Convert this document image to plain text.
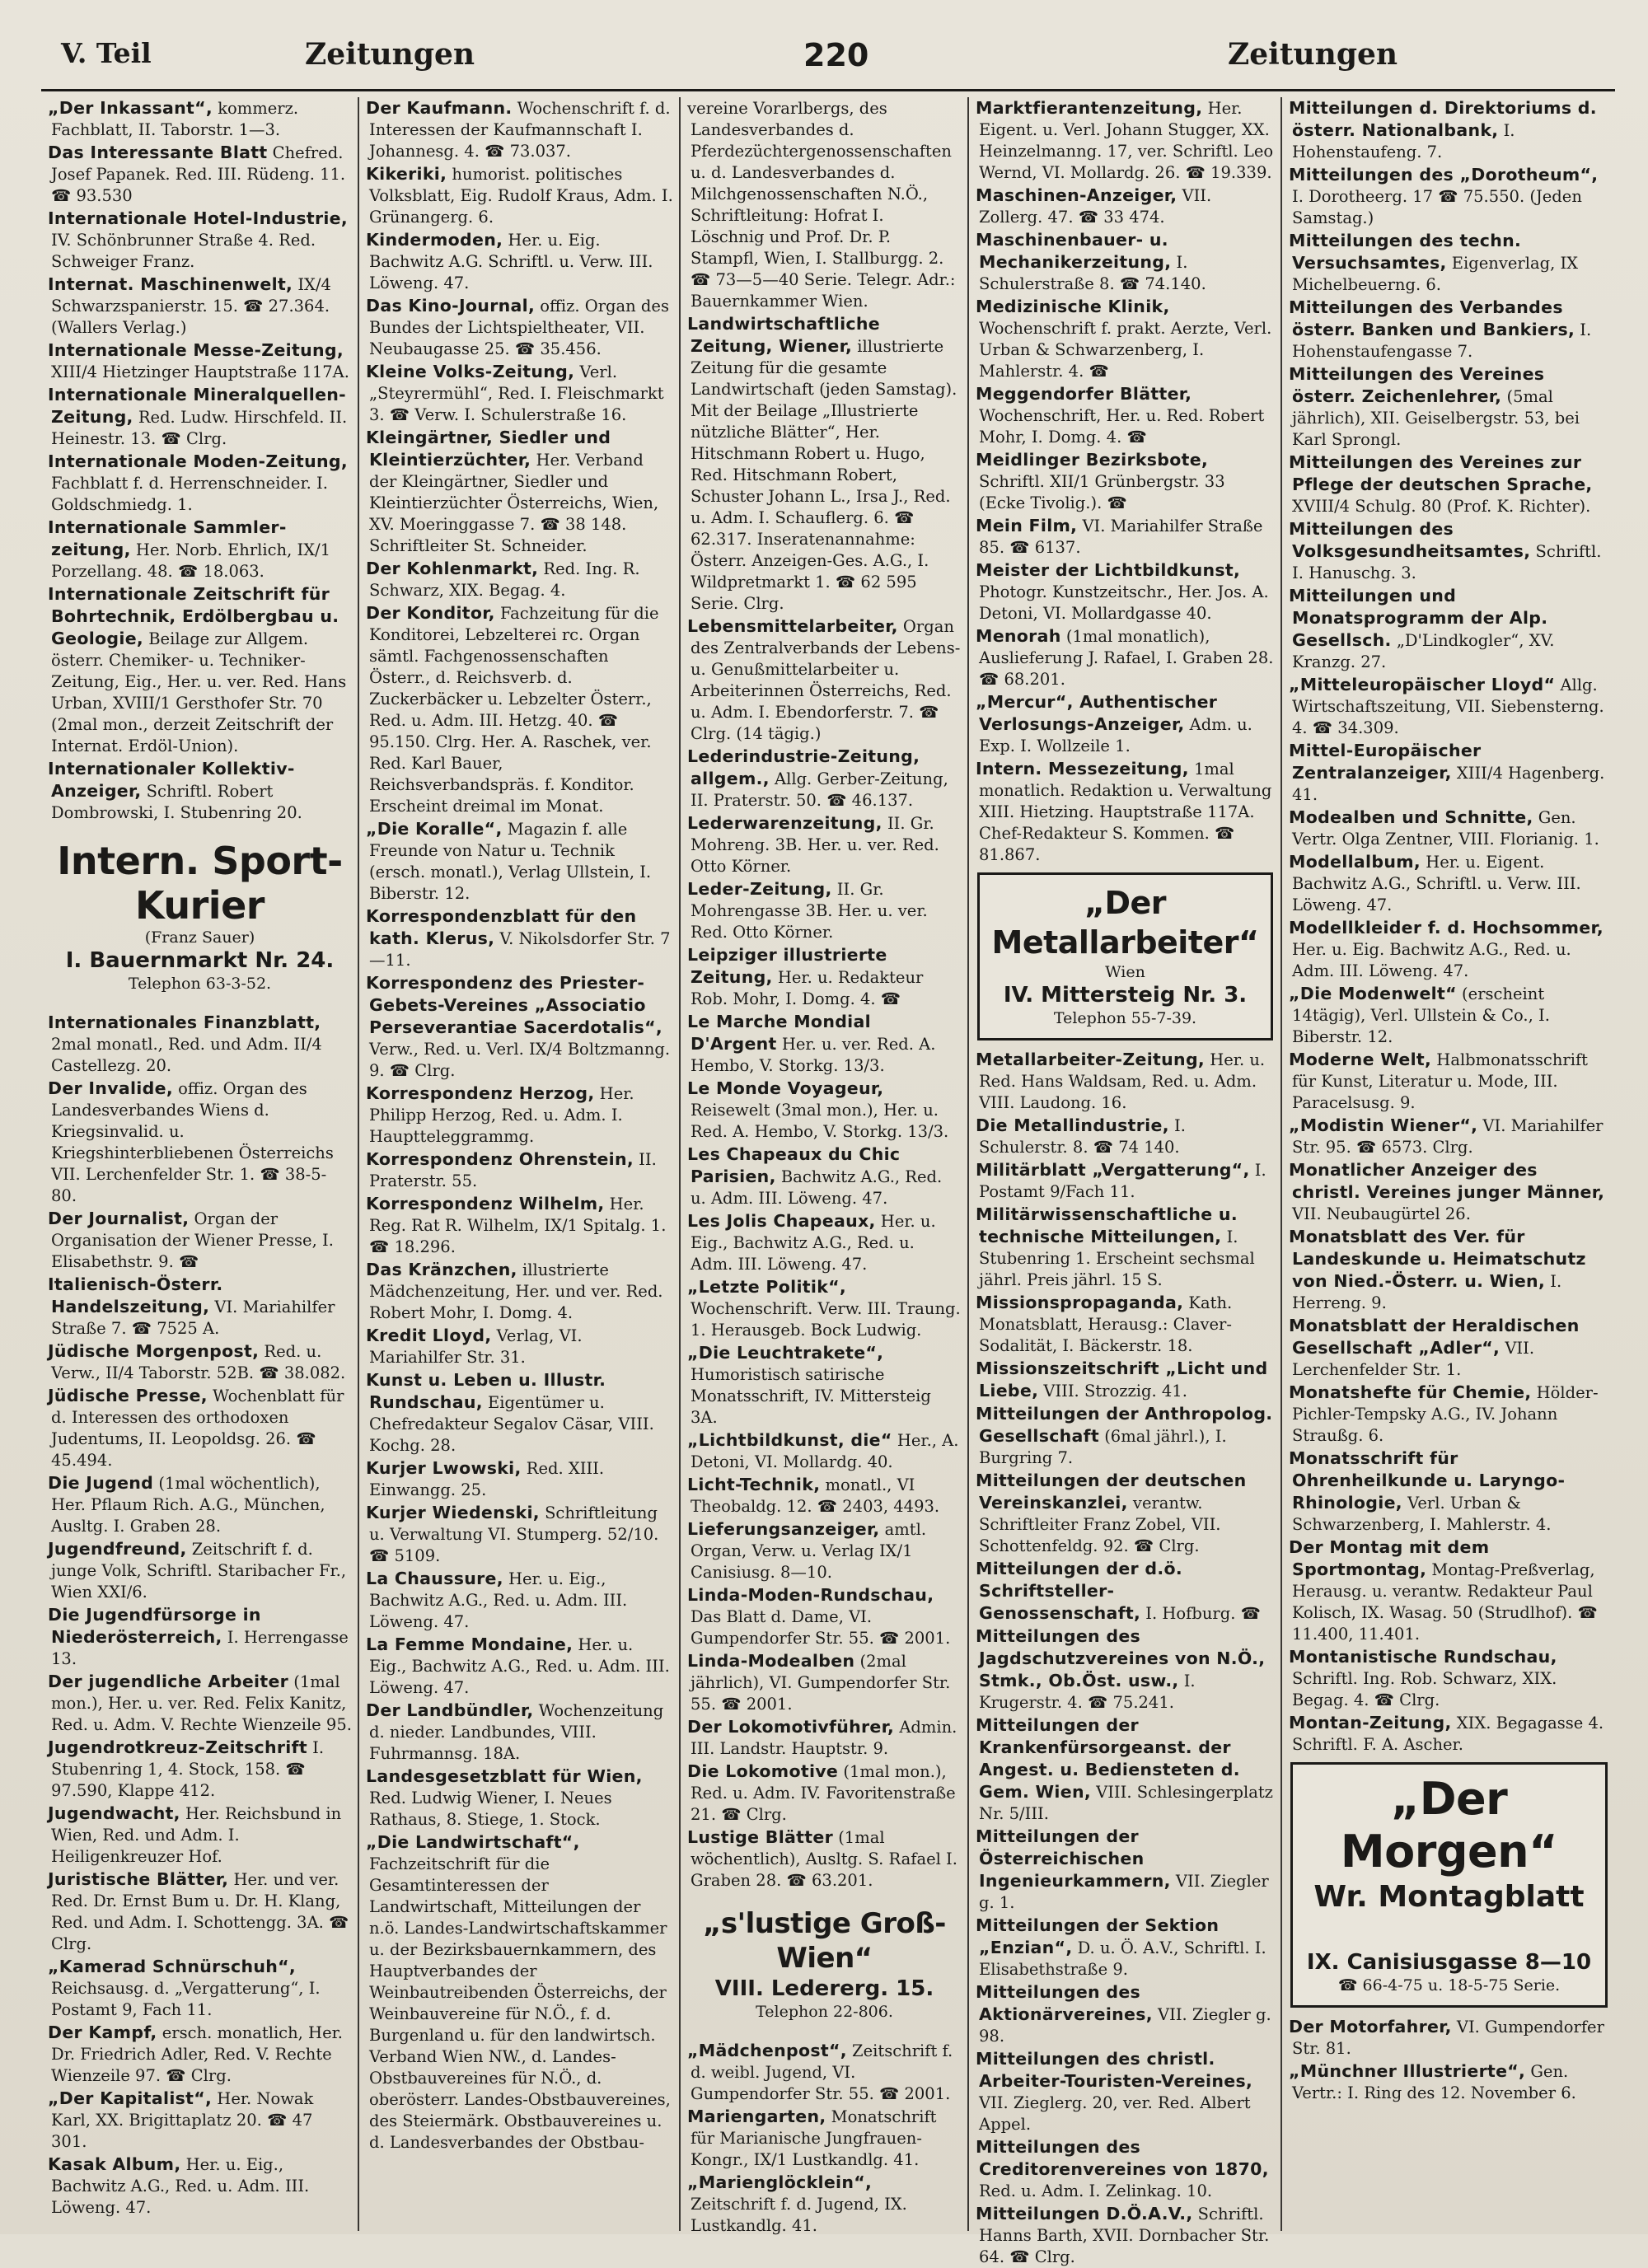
V. Teil	Zeitungen	220	Zeitungen
„Der Inkassant“, kommerz. Fachblatt, II. Taborstr. 1—3.
Das Interessante Blatt Chefred. Josef Papanek. Red. III. Rüdeng. 11. ☎ 93.530
Internationale Hotel-Industrie, IV. Schönbrunner Straße 4. Red. Schweiger Franz.
Internat. Maschinenwelt, IX/4 Schwarzspanierstr. 15. ☎ 27.364. (Wallers Verlag.)
Internationale Messe-Zeitung, XIII/4 Hietzinger Hauptstraße 117A.
Internationale Mineralquellen-Zeitung, Red. Ludw. Hirschfeld. II. Heinestr. 13. ☎ Clrg.
Internationale Moden-Zeitung, Fachblatt f. d. Herrenschneider. I. Goldschmiedg. 1.
Internationale Sammler-zeitung, Her. Norb. Ehrlich, IX/1 Porzellang. 48. ☎ 18.063.
Internationale Zeitschrift für Bohrtechnik, Erdölbergbau u. Geologie, Beilage zur Allgem. österr. Chemiker- u. Techniker-Zeitung, Eig., Her. u. ver. Red. Hans Urban, XVIII/1 Gersthofer Str. 70 (2mal mon., derzeit Zeitschrift der Internat. Erdöl-Union).
Internationaler Kollektiv-Anzeiger, Schriftl. Robert Dombrowski, I. Stubenring 20.
Intern. Sport-Kurier
(Franz Sauer)
I. Bauernmarkt Nr. 24.
Telephon 63-3-52.
Internationales Finanzblatt, 2mal monatl., Red. und Adm. II/4 Castellezg. 20.
Der Invalide, offiz. Organ des Landesverbandes Wiens d. Kriegsinvalid. u. Kriegshinterbliebenen Österreichs VII. Lerchenfelder Str. 1. ☎ 38-5-80.
Der Journalist, Organ der Organisation der Wiener Presse, I. Elisabethstr. 9. ☎
Italienisch-Österr. Handelszeitung, VI. Mariahilfer Straße 7. ☎ 7525 A.
Jüdische Morgenpost, Red. u. Verw., II/4 Taborstr. 52B. ☎ 38.082.
Jüdische Presse, Wochenblatt für d. Interessen des orthodoxen Judentums, II. Leopoldsg. 26. ☎ 45.494.
Die Jugend (1mal wöchentlich), Her. Pflaum Rich. A.G., München, Ausltg. I. Graben 28.
Jugendfreund, Zeitschrift f. d. junge Volk, Schriftl. Staribacher Fr., Wien XXI/6.
Die Jugendfürsorge in Niederösterreich, I. Herrengasse 13.
Der jugendliche Arbeiter (1mal mon.), Her. u. ver. Red. Felix Kanitz, Red. u. Adm. V. Rechte Wienzeile 95.
Jugendrotkreuz-Zeitschrift I. Stubenring 1, 4. Stock, 158. ☎ 97.590, Klappe 412.
Jugendwacht, Her. Reichsbund in Wien, Red. und Adm. I. Heiligenkreuzer Hof.
Juristische Blätter, Her. und ver. Red. Dr. Ernst Bum u. Dr. H. Klang, Red. und Adm. I. Schottengg. 3A. ☎ Clrg.
„Kamerad Schnürschuh“, Reichsausg. d. „Vergatterung“, I. Postamt 9, Fach 11.
Der Kampf, ersch. monatlich, Her. Dr. Friedrich Adler, Red. V. Rechte Wienzeile 97. ☎ Clrg.
„Der Kapitalist“, Her. Nowak Karl, XX. Brigittaplatz 20. ☎ 47 301.
Kasak Album, Her. u. Eig., Bachwitz A.G., Red. u. Adm. III. Löweng. 47.
Der Kaufmann. Wochenschrift f. d. Interessen der Kaufmannschaft I. Johannesg. 4. ☎ 73.037.
Kikeriki, humorist. politisches Volksblatt, Eig. Rudolf Kraus, Adm. I. Grünangerg. 6.
Kindermoden, Her. u. Eig. Bachwitz A.G. Schriftl. u. Verw. III. Löweng. 47.
Das Kino-Journal, offiz. Organ des Bundes der Lichtspieltheater, VII. Neubaugasse 25. ☎ 35.456.
Kleine Volks-Zeitung, Verl. „Steyrermühl“, Red. I. Fleischmarkt 3. ☎ Verw. I. Schulerstraße 16.
Kleingärtner, Siedler und Kleintierzüchter, Her. Verband der Kleingärtner, Siedler und Kleintierzüchter Österreichs, Wien, XV. Moeringgasse 7. ☎ 38 148. Schriftleiter St. Schneider.
Der Kohlenmarkt, Red. Ing. R. Schwarz, XIX. Begag. 4.
Der Konditor, Fachzeitung für die Konditorei, Lebzelterei rc. Organ sämtl. Fachgenossenschaften Österr., d. Reichsverb. d. Zuckerbäcker u. Lebzelter Österr., Red. u. Adm. III. Hetzg. 40. ☎ 95.150. Clrg. Her. A. Raschek, ver. Red. Karl Bauer, Reichsverbandspräs. f. Konditor. Erscheint dreimal im Monat.
„Die Koralle“, Magazin f. alle Freunde von Natur u. Technik (ersch. monatl.), Verlag Ullstein, I. Biberstr. 12.
Korrespondenzblatt für den kath. Klerus, V. Nikolsdorfer Str. 7—11.
Korrespondenz des Priester-Gebets-Vereines „Associatio Perseverantiae Sacerdotalis“, Verw., Red. u. Verl. IX/4 Boltzmanng. 9. ☎ Clrg.
Korrespondenz Herzog, Her. Philipp Herzog, Red. u. Adm. I. Hauptteleggrammg.
Korrespondenz Ohrenstein, II. Praterstr. 55.
Korrespondenz Wilhelm, Her. Reg. Rat R. Wilhelm, IX/1 Spitalg. 1. ☎ 18.296.
Das Kränzchen, illustrierte Mädchenzeitung, Her. und ver. Red. Robert Mohr, I. Domg. 4.
Kredit Lloyd, Verlag, VI. Mariahilfer Str. 31.
Kunst u. Leben u. Illustr. Rundschau, Eigentümer u. Chefredakteur Segalov Cäsar, VIII. Kochg. 28.
Kurjer Lwowski, Red. XIII. Einwangg. 25.
Kurjer Wiedenski, Schriftleitung u. Verwaltung VI. Stumperg. 52/10. ☎ 5109.
La Chaussure, Her. u. Eig., Bachwitz A.G., Red. u. Adm. III. Löweng. 47.
La Femme Mondaine, Her. u. Eig., Bachwitz A.G., Red. u. Adm. III. Löweng. 47.
Der Landbündler, Wochenzeitung d. nieder. Landbundes, VIII. Fuhrmannsg. 18A.
Landesgesetzblatt für Wien, Red. Ludwig Wiener, I. Neues Rathaus, 8. Stiege, 1. Stock.
„Die Landwirtschaft“, Fachzeitschrift für die Gesamtinteressen der Landwirtschaft, Mitteilungen der n.ö. Landes-Landwirtschaftskammer u. der Bezirksbauernkammern, des Hauptverbandes der Weinbautreibenden Österreichs, der Weinbauvereine für N.Ö., f. d. Burgenland u. für den landwirtsch. Verband Wien NW., d. Landes-Obstbauvereines für N.Ö., d. oberösterr. Landes-Obstbauvereines, des Steiermärk. Obstbauvereines u. d. Landesverbandes der Obstbau-
vereine Vorarlbergs, des Landesverbandes d. Pferdezüchtergenossenschaften u. d. Landesverbandes d. Milchgenossenschaften N.Ö., Schriftleitung: Hofrat I. Löschnig und Prof. Dr. P. Stampfl, Wien, I. Stallburgg. 2. ☎ 73—5—40 Serie. Telegr. Adr.: Bauernkammer Wien.
Landwirtschaftliche Zeitung, Wiener, illustrierte Zeitung für die gesamte Landwirtschaft (jeden Samstag). Mit der Beilage „Illustrierte nützliche Blätter“, Her. Hitschmann Robert u. Hugo, Red. Hitschmann Robert, Schuster Johann L., Irsa J., Red. u. Adm. I. Schauflerg. 6. ☎ 62.317. Inseratenannahme: Österr. Anzeigen-Ges. A.G., I. Wildpretmarkt 1. ☎ 62 595 Serie. Clrg.
Lebensmittelarbeiter, Organ des Zentralverbands der Lebens- u. Genußmittelarbeiter u. Arbeiterinnen Österreichs, Red. u. Adm. I. Ebendorferstr. 7. ☎ Clrg. (14 tägig.)
Lederindustrie-Zeitung, allgem., Allg. Gerber-Zeitung, II. Praterstr. 50. ☎ 46.137.
Lederwarenzeitung, II. Gr. Mohreng. 3B. Her. u. ver. Red. Otto Körner.
Leder-Zeitung, II. Gr. Mohrengasse 3B. Her. u. ver. Red. Otto Körner.
Leipziger illustrierte Zeitung, Her. u. Redakteur Rob. Mohr, I. Domg. 4. ☎
Le Marche Mondial D'Argent Her. u. ver. Red. A. Hembo, V. Storkg. 13/3.
Le Monde Voyageur, Reisewelt (3mal mon.), Her. u. Red. A. Hembo, V. Storkg. 13/3.
Les Chapeaux du Chic Parisien, Bachwitz A.G., Red. u. Adm. III. Löweng. 47.
Les Jolis Chapeaux, Her. u. Eig., Bachwitz A.G., Red. u. Adm. III. Löweng. 47.
„Letzte Politik“, Wochenschrift. Verw. III. Traung. 1. Herausgeb. Bock Ludwig.
„Die Leuchtrakete“, Humoristisch satirische Monatsschrift, IV. Mittersteig 3A.
„Lichtbildkunst, die“ Her., A. Detoni, VI. Mollardg. 40.
Licht-Technik, monatl., VI Theobaldg. 12. ☎ 2403, 4493.
Lieferungsanzeiger, amtl. Organ, Verw. u. Verlag IX/1 Canisiusg. 8—10.
Linda-Moden-Rundschau, Das Blatt d. Dame, VI. Gumpendorfer Str. 55. ☎ 2001.
Linda-Modealben (2mal jährlich), VI. Gumpendorfer Str. 55. ☎ 2001.
Der Lokomotivführer, Admin. III. Landstr. Hauptstr. 9.
Die Lokomotive (1mal mon.), Red. u. Adm. IV. Favoritenstraße 21. ☎ Clrg.
Lustige Blätter (1mal wöchentlich), Ausltg. S. Rafael I. Graben 28. ☎ 63.201.
„s'lustige Groß-Wien“
VIII. Ledererg. 15.
Telephon 22-806.
„Mädchenpost“, Zeitschrift f. d. weibl. Jugend, VI. Gumpendorfer Str. 55. ☎ 2001.
Mariengarten, Monatschrift für Marianische Jungfrauen-Kongr., IX/1 Lustkandlg. 41.
„Marienglöcklein“, Zeitschrift f. d. Jugend, IX. Lustkandlg. 41.
Marktfierantenzeitung, Her. Eigent. u. Verl. Johann Stugger, XX. Heinzelmanng. 17, ver. Schriftl. Leo Wernd, VI. Mollardg. 26. ☎ 19.339.
Maschinen-Anzeiger, VII. Zollerg. 47. ☎ 33 474.
Maschinenbauer- u. Mechanikerzeitung, I. Schulerstraße 8. ☎ 74.140.
Medizinische Klinik, Wochenschrift f. prakt. Aerzte, Verl. Urban & Schwarzenberg, I. Mahlerstr. 4. ☎
Meggendorfer Blätter, Wochenschrift, Her. u. Red. Robert Mohr, I. Domg. 4. ☎
Meidlinger Bezirksbote, Schriftl. XII/1 Grünbergstr. 33 (Ecke Tivolig.). ☎
Mein Film, VI. Mariahilfer Straße 85. ☎ 6137.
Meister der Lichtbildkunst, Photogr. Kunstzeitschr., Her. Jos. A. Detoni, VI. Mollardgasse 40.
Menorah (1mal monatlich), Auslieferung J. Rafael, I. Graben 28. ☎ 68.201.
„Mercur“, Authentischer Verlosungs-Anzeiger, Adm. u. Exp. I. Wollzeile 1.
Intern. Messezeitung, 1mal monatlich. Redaktion u. Verwaltung XIII. Hietzing. Hauptstraße 117A. Chef-Redakteur S. Kommen. ☎ 81.867.
„Der Metallarbeiter“
Wien
IV. Mittersteig Nr. 3.
Telephon 55-7-39.
Metallarbeiter-Zeitung, Her. u. Red. Hans Waldsam, Red. u. Adm. VIII. Laudong. 16.
Die Metallindustrie, I. Schulerstr. 8. ☎ 74 140.
Militärblatt „Vergatterung“, I. Postamt 9/Fach 11.
Militärwissenschaftliche u. technische Mitteilungen, I. Stubenring 1. Erscheint sechsmal jährl. Preis jährl. 15 S.
Missionspropaganda, Kath. Monatsblatt, Herausg.: Claver-Sodalität, I. Bäckerstr. 18.
Missionszeitschrift „Licht und Liebe, VIII. Strozzig. 41.
Mitteilungen der Anthropolog. Gesellschaft (6mal jährl.), I. Burgring 7.
Mitteilungen der deutschen Vereinskanzlei, verantw. Schriftleiter Franz Zobel, VII. Schottenfeldg. 92. ☎ Clrg.
Mitteilungen der d.ö. Schriftsteller-Genossenschaft, I. Hofburg. ☎
Mitteilungen des Jagdschutzvereines von N.Ö., Stmk., Ob.Öst. usw., I. Krugerstr. 4. ☎ 75.241.
Mitteilungen der Krankenfürsorgeanst. der Angest. u. Bediensteten d. Gem. Wien, VIII. Schlesingerplatz Nr. 5/III.
Mitteilungen der Österreichischen Ingenieurkammern, VII. Ziegler g. 1.
Mitteilungen der Sektion „Enzian“, D. u. Ö. A.V., Schriftl. I. Elisabethstraße 9.
Mitteilungen des Aktionärvereines, VII. Ziegler g. 98.
Mitteilungen des christl. Arbeiter-Touristen-Vereines, VII. Zieglerg. 20, ver. Red. Albert Appel.
Mitteilungen des Creditorenvereines von 1870, Red. u. Adm. I. Zelinkag. 10.
Mitteilungen D.Ö.A.V., Schriftl. Hanns Barth, XVII. Dornbacher Str. 64. ☎ Clrg.
Mitteilungen d. Direktoriums d. österr. Nationalbank, I. Hohenstaufeng. 7.
Mitteilungen des „Dorotheum“, I. Dorotheerg. 17 ☎ 75.550. (Jeden Samstag.)
Mitteilungen des techn. Versuchsamtes, Eigenverlag, IX Michelbeuerng. 6.
Mitteilungen des Verbandes österr. Banken und Bankiers, I. Hohenstaufengasse 7.
Mitteilungen des Vereines österr. Zeichenlehrer, (5mal jährlich), XII. Geiselbergstr. 53, bei Karl Sprongl.
Mitteilungen des Vereines zur Pflege der deutschen Sprache, XVIII/4 Schulg. 80 (Prof. K. Richter).
Mitteilungen des Volksgesundheitsamtes, Schriftl. I. Hanuschg. 3.
Mitteilungen und Monatsprogramm der Alp. Gesellsch. „D'Lindkogler“, XV. Kranzg. 27.
„Mitteleuropäischer Lloyd“ Allg. Wirtschaftszeitung, VII. Siebensterng. 4. ☎ 34.309.
Mittel-Europäischer Zentralanzeiger, XIII/4 Hagenberg. 41.
Modealben und Schnitte, Gen. Vertr. Olga Zentner, VIII. Florianig. 1.
Modellalbum, Her. u. Eigent. Bachwitz A.G., Schriftl. u. Verw. III. Löweng. 47.
Modellkleider f. d. Hochsommer, Her. u. Eig. Bachwitz A.G., Red. u. Adm. III. Löweng. 47.
„Die Modenwelt“ (erscheint 14tägig), Verl. Ullstein & Co., I. Biberstr. 12.
Moderne Welt, Halbmonatsschrift für Kunst, Literatur u. Mode, III. Paracelsusg. 9.
„Modistin Wiener“, VI. Mariahilfer Str. 95. ☎ 6573. Clrg.
Monatlicher Anzeiger des christl. Vereines junger Männer, VII. Neubaugürtel 26.
Monatsblatt des Ver. für Landeskunde u. Heimatschutz von Nied.-Österr. u. Wien, I. Herreng. 9.
Monatsblatt der Heraldischen Gesellschaft „Adler“, VII. Lerchenfelder Str. 1.
Monatshefte für Chemie, Hölder-Pichler-Tempsky A.G., IV. Johann Straußg. 6.
Monatsschrift für Ohrenheilkunde u. Laryngo-Rhinologie, Verl. Urban & Schwarzenberg, I. Mahlerstr. 4.
Der Montag mit dem Sportmontag, Montag-Preßverlag, Herausg. u. verantw. Redakteur Paul Kolisch, IX. Wasag. 50 (Strudlhof). ☎ 11.400, 11.401.
Montanistische Rundschau, Schriftl. Ing. Rob. Schwarz, XIX. Begag. 4. ☎ Clrg.
Montan-Zeitung, XIX. Begagasse 4. Schriftl. F. A. Ascher.
„Der Morgen“
Wr. Montagblatt
IX. Canisiusgasse 8—10
☎ 66-4-75 u. 18-5-75 Serie.
Der Motorfahrer, VI. Gumpendorfer Str. 81.
„Münchner Illustrierte“, Gen. Vertr.: I. Ring des 12. November 6.
